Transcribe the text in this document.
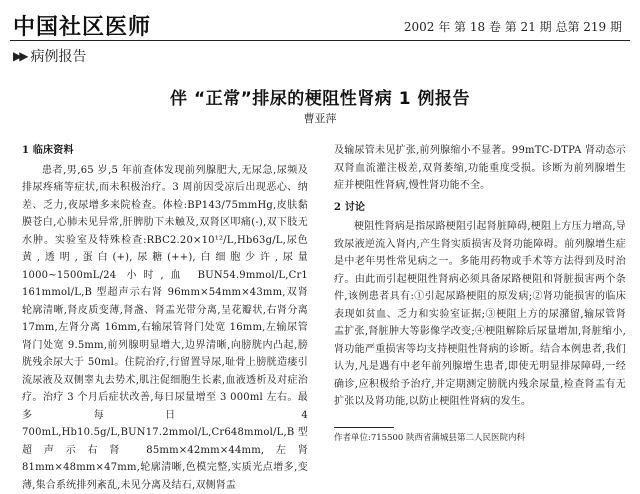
中国社区医师	2002 年 第 18 卷 第 21 期 总第 219 期
▶▶ 病例报告
伴 “正常”排尿的梗阻性肾病 1 例报告
曹亚萍

1 临床资料

患者,男,65 岁,5 年前查体发现前列腺肥大,无尿急,尿频及排尿疼痛等症状,而未积极治疗。3 周前因受凉后出现恶心、纳差、乏力,夜尿增多来院检查。体检:BP143/75mmHg,皮肤黏膜苍白,心肺未见异常,肝脾肋下未触及,双肾区叩痛(-),双下肢无水肿。实验室及特殊检查:RBC2.20×10¹²/L,Hb63g/L,尿色黄,透明,蛋白(+),尿糖(++),白细胞少许,尿量 1000~1500mL/24 小时,血 BUN54.9mmol/L,Cr1 161mmol/L,B 型超声示右肾 96mm×54mm×43mm,双肾轮廓清晰,肾皮质变薄,肾盏、肾盂光带分离,呈花瓣状,右肾分离 17mm,左肾分离 16mm,右输尿管肾门处宽 16mm,左输尿管肾门处宽 9.5mm,前列腺明显增大,边界清晰,向膀胱内凸起,膀胱残余尿大于 50ml。住院治疗,行留置导尿,耻骨上膀胱造瘘引流尿液及双侧睾丸去势术,肌注促细胞生长素,血液透析及对症治疗。治疗 3 个月后症状改善,每日尿量增至 3 000ml 左右。最多每日 4 700mL,Hb10.5g/L,BUN17.2mmol/L,Cr648mmol/L,B 型超声示右肾 85mm×42mm×44mm,左肾 81mm×48mm×47mm,轮廓清晰,色模完整,实质光点增多,变薄,集合系统排列紊乱,未见分离及结石,双侧肾盂

及输尿管未见扩张,前列腺缩小不显著。99mTC-DTPA 肾动态示双肾血流灌注极差,双肾萎缩,功能重度受损。诊断为前列腺增生症并梗阻性肾病,慢性肾功能不全。

2 讨论

梗阻性肾病是指尿路梗阻引起肾脏障碍,梗阻上方压力增高,导致尿液逆流入肾内,产生肾实质损害及肾功能障碍。前列腺增生症是中老年男性常见病之一。多能用药物或手术等方法得到及时治疗。由此而引起梗阻性肾病必须具备尿路梗阻和肾脏损害两个条件,该例患者具有:①引起尿路梗阻的原发病;②肾功能损害的临床表现如贫血、乏力和实验室证据;③梗阻上方的尿潴留,输尿管肾盂扩张,肾脏肿大等影像学改变;④梗阻解除后尿量增加,肾脏缩小,肾功能严重损害等均支持梗阻性肾病的诊断。结合本例患者,我们认为,凡是遇有中老年前列腺增生患者,即使无明显排尿障碍,一经确诊,应积极给予治疗,并定期测定膀胱内残余尿量,检查肾盂有无扩张以及肾功能,以防止梗阻性肾病的发生。

作者单位:715500 陕西省蒲城县第二人民医院内科
